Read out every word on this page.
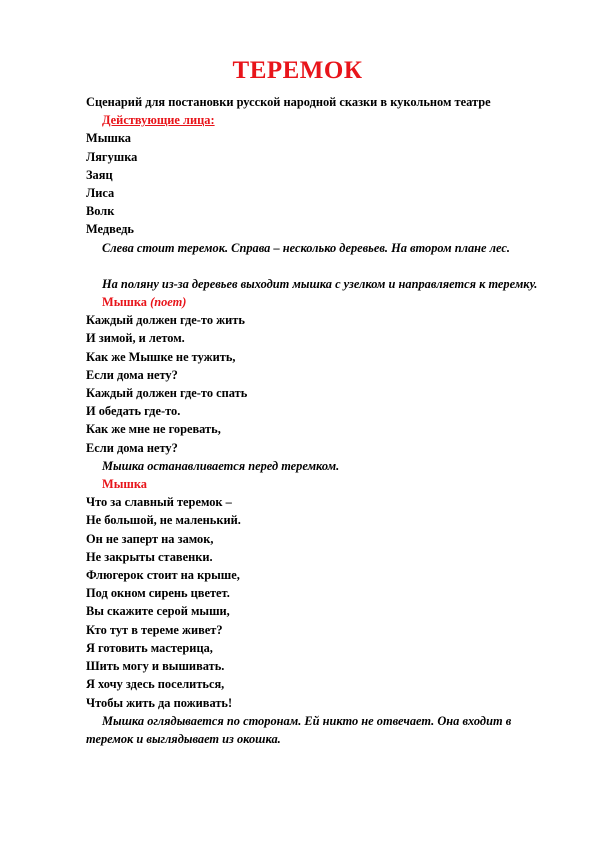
ТЕРЕМОК

Сценарий для постановки русской народной сказки в кукольном театре

Действующие лица:

Мышка

Лягушка

Заяц

Лиса

Волк

Медведь

Слева стоит теремок. Справа – несколько деревьев. На втором плане лес.

На поляну из-за деревьев выходит мышка с узелком и направляется к теремку.

Мышка (поет)

Каждый должен где-то жить

И зимой, и летом.

Как же Мышке не тужить,

Если дома нету?

Каждый должен где-то спать

И обедать где-то.

Как же мне не горевать,

Если дома нету?

Мышка останавливается перед теремком.

Мышка

Что за славный теремок –

Не большой, не маленький.

Он не заперт на замок,

Не закрыты ставенки.

Флюгерок стоит на крыше,

Под окном сирень цветет.

Вы скажите серой мыши,

Кто тут в тереме живет?

Я готовить мастерица,

Шить могу и вышивать.

Я хочу здесь поселиться,

Чтобы жить да поживать!

Мышка оглядывается по сторонам. Ей никто не отвечает. Она входит в теремок и выглядывает из окошка.
